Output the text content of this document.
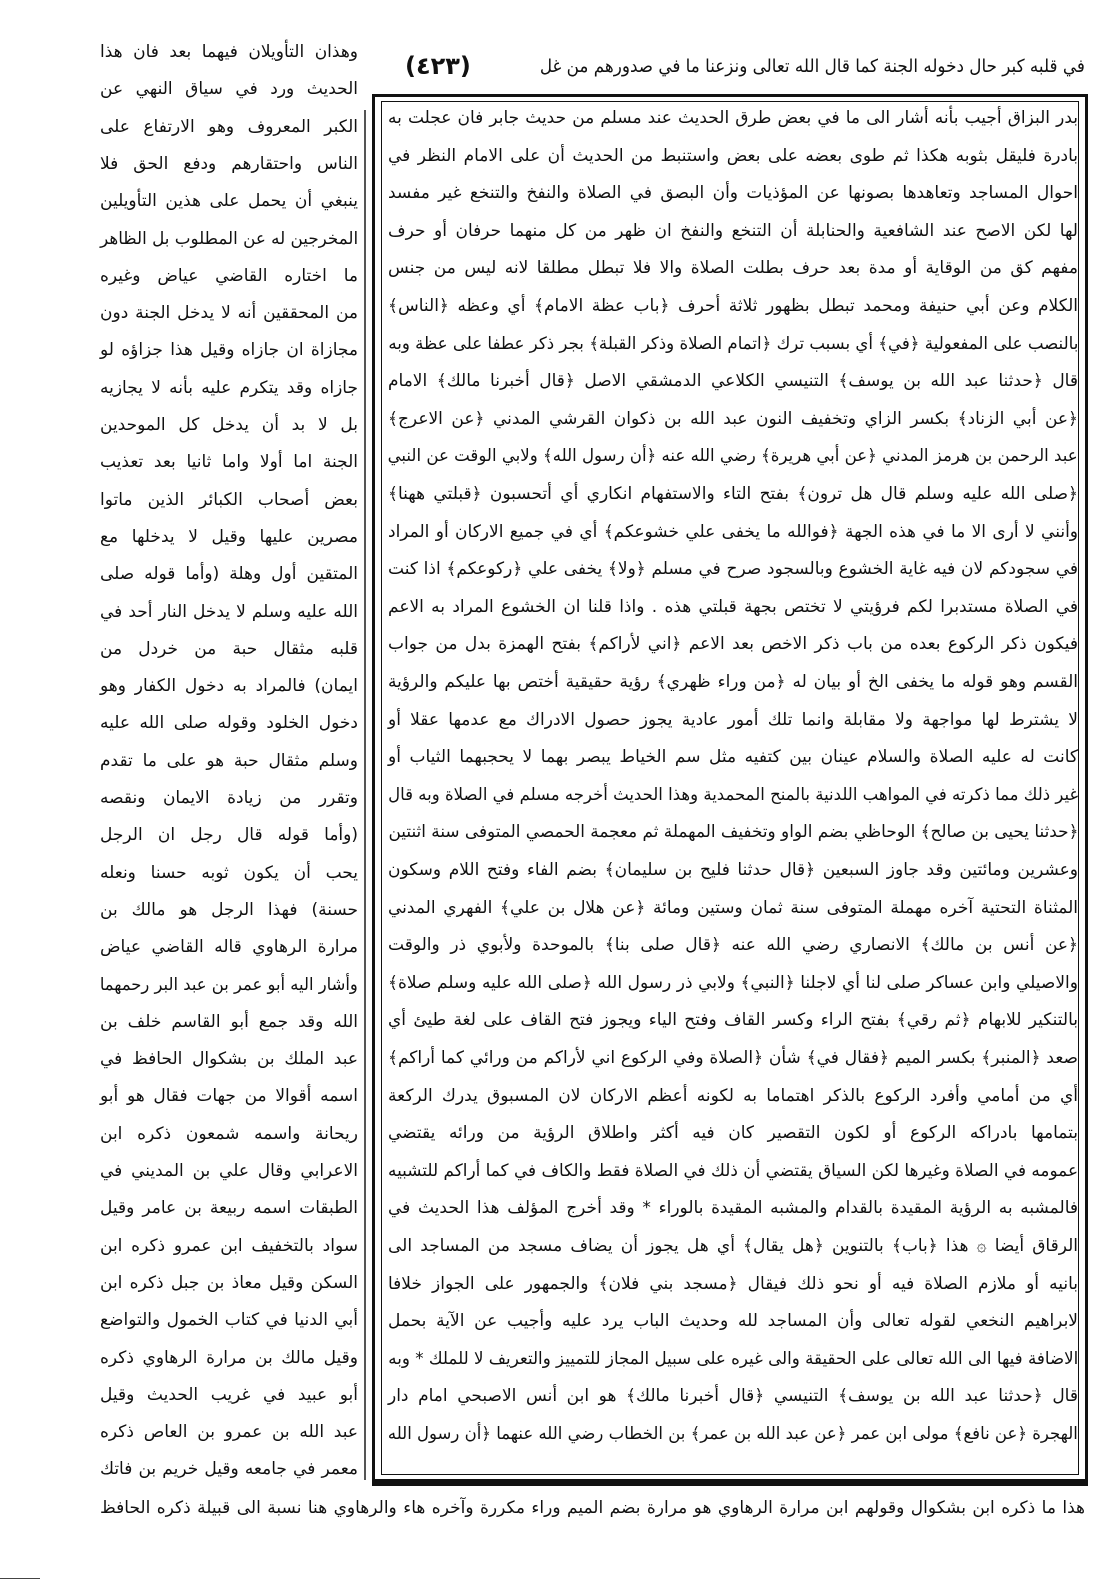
في قلبه كبر حال دخوله الجنة كما قال الله تعالى ونزعنا ما في صدورهم من غل
(٤٢٣)
بدر البزاق أجيب بأنه أشار الى ما في بعض طرق الحديث عند مسلم من حديث جابر فان عجلت به
بادرة فليقل بثوبه هكذا ثم طوى بعضه على بعض واستنبط من الحديث أن على الامام النظر في
احوال المساجد وتعاهدها بصونها عن المؤذيات وأن البصق في الصلاة والنفخ والتنخع غير مفسد
لها لكن الاصح عند الشافعية والحنابلة أن التنخع والنفخ ان ظهر من كل منهما حرفان أو حرف
مفهم كق من الوقاية أو مدة بعد حرف بطلت الصلاة والا فلا تبطل مطلقا لانه ليس من جنس
الكلام وعن أبي حنيفة ومحمد تبطل بظهور ثلاثة أحرف ﴿باب عظة الامام﴾ أي وعظه ﴿الناس﴾
بالنصب على المفعولية ﴿في﴾ أي بسبب ترك ﴿اتمام الصلاة وذكر القبلة﴾ بجر ذكر عطفا على عظة وبه
قال ﴿حدثنا عبد الله بن يوسف﴾ التنيسي الكلاعي الدمشقي الاصل ﴿قال أخبرنا مالك﴾ الامام
﴿عن أبي الزناد﴾ بكسر الزاي وتخفيف النون عبد الله بن ذكوان القرشي المدني ﴿عن الاعرج﴾
عبد الرحمن بن هرمز المدني ﴿عن أبي هريرة﴾ رضي الله عنه ﴿أن رسول الله﴾ ولابي الوقت عن النبي
﴿صلى الله عليه وسلم قال هل ترون﴾ بفتح التاء والاستفهام انكاري أي أتحسبون ﴿قبلتي ههنا﴾
وأنني لا أرى الا ما في هذه الجهة ﴿فوالله ما يخفى علي خشوعكم﴾ أي في جميع الاركان أو المراد
في سجودكم لان فيه غاية الخشوع وبالسجود صرح في مسلم ﴿ولا﴾ يخفى علي ﴿ركوعكم﴾ اذا كنت
في الصلاة مستدبرا لكم فرؤيتي لا تختص بجهة قبلتي هذه . واذا قلنا ان الخشوع المراد به الاعم
فيكون ذكر الركوع بعده من باب ذكر الاخص بعد الاعم ﴿اني لأراكم﴾ بفتح الهمزة بدل من جواب
القسم وهو قوله ما يخفى الخ أو بيان له ﴿من وراء ظهري﴾ رؤية حقيقية أختص بها عليكم والرؤية
لا يشترط لها مواجهة ولا مقابلة وانما تلك أمور عادية يجوز حصول الادراك مع عدمها عقلا أو
كانت له عليه الصلاة والسلام عينان بين كتفيه مثل سم الخياط يبصر بهما لا يحجبهما الثياب أو
غير ذلك مما ذكرته في المواهب اللدنية بالمنح المحمدية وهذا الحديث أخرجه مسلم في الصلاة وبه قال
﴿حدثنا يحيى بن صالح﴾ الوحاظي بضم الواو وتخفيف المهملة ثم معجمة الحمصي المتوفى سنة اثنتين
وعشرين ومائتين وقد جاوز السبعين ﴿قال حدثنا فليح بن سليمان﴾ بضم الفاء وفتح اللام وسكون
المثناة التحتية آخره مهملة المتوفى سنة ثمان وستين ومائة ﴿عن هلال بن علي﴾ الفهري المدني
﴿عن أنس بن مالك﴾ الانصاري رضي الله عنه ﴿قال صلى بنا﴾ بالموحدة ولأبوي ذر والوقت
والاصيلي وابن عساكر صلى لنا أي لاجلنا ﴿النبي﴾ ولابي ذر رسول الله ﴿صلى الله عليه وسلم صلاة﴾
بالتنكير للابهام ﴿ثم رقي﴾ بفتح الراء وكسر القاف وفتح الياء ويجوز فتح القاف على لغة طيئ أي
صعد ﴿المنبر﴾ بكسر الميم ﴿فقال في﴾ شأن ﴿الصلاة وفي الركوع اني لأراكم من ورائي كما أراكم﴾
أي من أمامي وأفرد الركوع بالذكر اهتماما به لكونه أعظم الاركان لان المسبوق يدرك الركعة
بتمامها بادراكه الركوع أو لكون التقصير كان فيه أكثر واطلاق الرؤية من ورائه يقتضي
عمومه في الصلاة وغيرها لكن السياق يقتضي أن ذلك في الصلاة فقط والكاف في كما أراكم للتشبيه
فالمشبه به الرؤية المقيدة بالقدام والمشبه المقيدة بالوراء * وقد أخرج المؤلف هذا الحديث في
الرقاق أيضا ۞ هذا ﴿باب﴾ بالتنوين ﴿هل يقال﴾ أي هل يجوز أن يضاف مسجد من المساجد الى
بانيه أو ملازم الصلاة فيه أو نحو ذلك فيقال ﴿مسجد بني فلان﴾ والجمهور على الجواز خلافا
لابراهيم النخعي لقوله تعالى وأن المساجد لله وحديث الباب يرد عليه وأجيب عن الآية بحمل
الاضافة فيها الى الله تعالى على الحقيقة والى غيره على سبيل المجاز للتمييز والتعريف لا للملك * وبه
قال ﴿حدثنا عبد الله بن يوسف﴾ التنيسي ﴿قال أخبرنا مالك﴾ هو ابن أنس الاصبحي امام دار
الهجرة ﴿عن نافع﴾ مولى ابن عمر ﴿عن عبد الله بن عمر﴾ بن الخطاب رضي الله عنهما ﴿أن رسول الله
وهذان التأويلان فيهما بعد فان هذا
الحديث ورد في سياق النهي عن
الكبر المعروف وهو الارتفاع على
الناس واحتقارهم ودفع الحق فلا
ينبغي أن يحمل على هذين التأويلين
المخرجين له عن المطلوب بل الظاهر
ما اختاره القاضي عياض وغيره
من المحققين أنه لا يدخل الجنة دون
مجازاة ان جازاه وقيل هذا جزاؤه لو
جازاه وقد يتكرم عليه بأنه لا يجازيه
بل لا بد أن يدخل كل الموحدين
الجنة اما أولا واما ثانيا بعد تعذيب
بعض أصحاب الكبائر الذين ماتوا
مصرين عليها وقيل لا يدخلها مع
المتقين أول وهلة (وأما قوله صلى
الله عليه وسلم لا يدخل النار أحد في
قلبه مثقال حبة من خردل من
ايمان) فالمراد به دخول الكفار وهو
دخول الخلود وقوله صلى الله عليه
وسلم مثقال حبة هو على ما تقدم
وتقرر من زيادة الايمان ونقصه
(وأما قوله قال رجل ان الرجل
يحب أن يكون ثوبه حسنا ونعله
حسنة) فهذا الرجل هو مالك بن
مرارة الرهاوي قاله القاضي عياض
وأشار اليه أبو عمر بن عبد البر رحمهما
الله وقد جمع أبو القاسم خلف بن
عبد الملك بن بشكوال الحافظ في
اسمه أقوالا من جهات فقال هو أبو
ريحانة واسمه شمعون ذكره ابن
الاعرابي وقال علي بن المديني في
الطبقات اسمه ربيعة بن عامر وقيل
سواد بالتخفيف ابن عمرو ذكره ابن
السكن وقيل معاذ بن جبل ذكره ابن
أبي الدنيا في كتاب الخمول والتواضع
وقيل مالك بن مرارة الرهاوي ذكره
أبو عبيد في غريب الحديث وقيل
عبد الله بن عمرو بن العاص ذكره
معمر في جامعه وقيل خريم بن فاتك
هذا ما ذكره ابن بشكوال وقولهم ابن مرارة الرهاوي هو مرارة بضم الميم وراء مكررة وآخره هاء والرهاوي هنا نسبة الى قبيلة ذكره الحافظ
